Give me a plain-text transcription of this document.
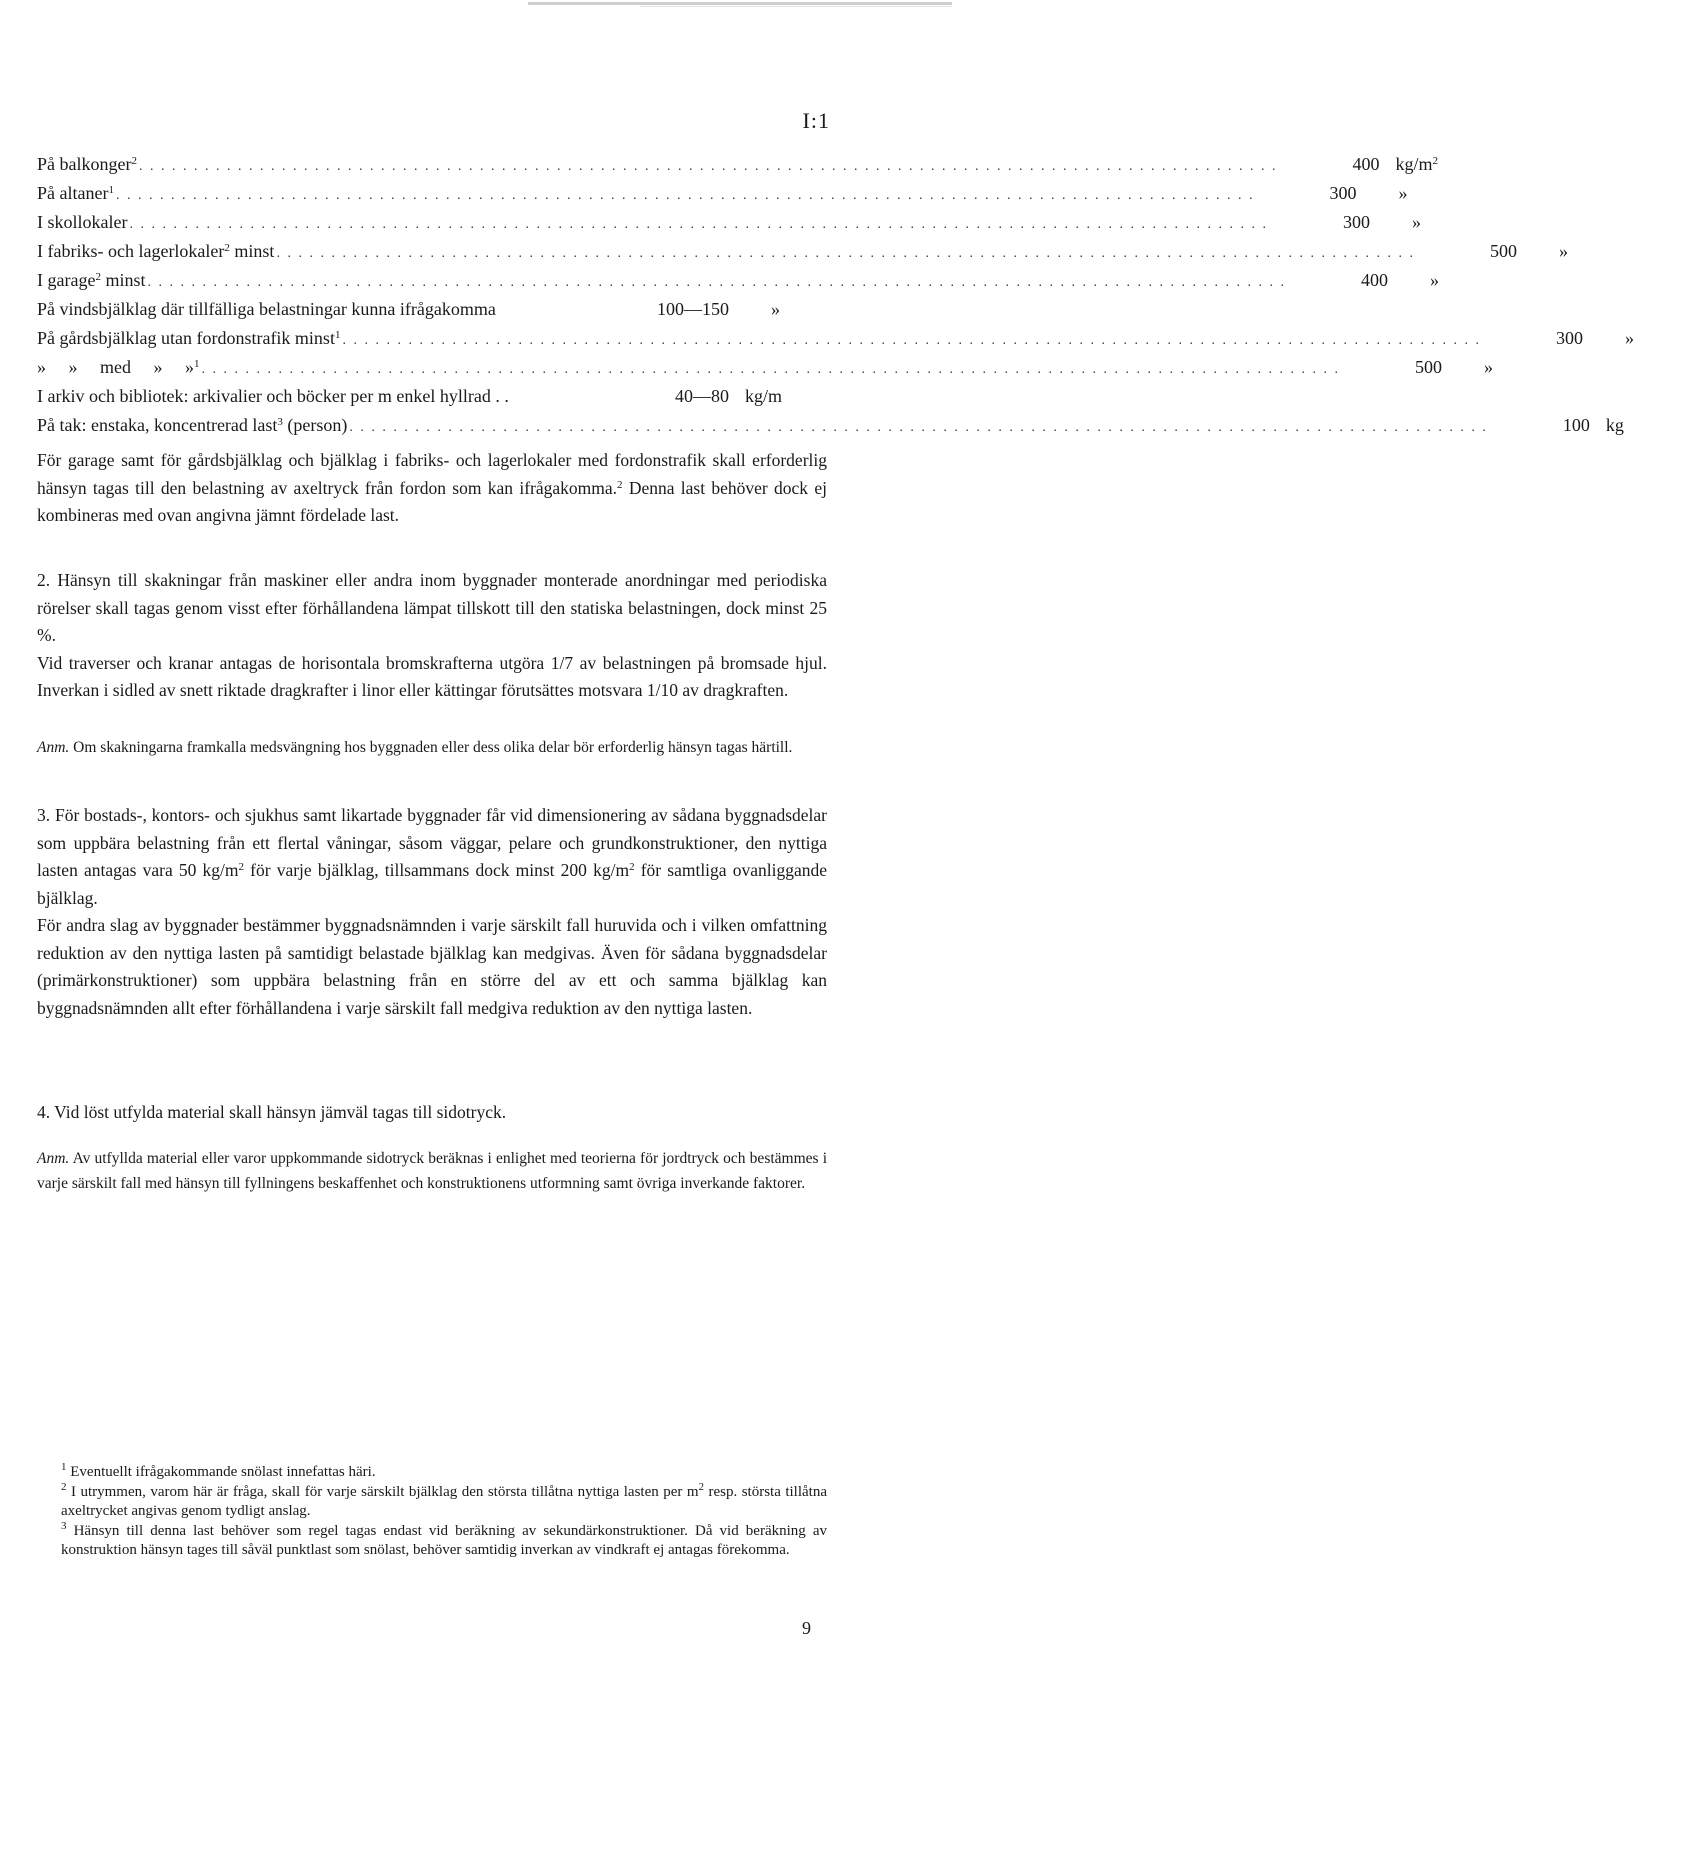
I:1
På balkonger$^2$ . . . . . . . . . . . . . . . . . . . . . . . . . . . . . . . . . . . . . . . . . . . . . . . . . . . . . . . . . . . . . . . . . . . . . . . . . . . . . . . . . . . . . . . . . . . . . . . . . . . . . . . .	400 $kg/m^2$
På altaner$^1$ . . . . . . . . . . . . . . . . . . . . . . . . . . . . . . . . . . . . . . . . . . . . . . . . . . . . . . . . . . . . . . . . . . . . . . . . . . . . . . . . . . . . . . . . . . . . . . . . . . . . . . . .	300	»
I skollokaler . . . . . . . . . . . . . . . . . . . . . . . . . . . . . . . . . . . . . . . . . . . . . . . . . . . . . . . . . . . . . . . . . . . . . . . . . . . . . . . . . . . . . . . . . . . . . . . . . . . . . . . .	300	»
I fabriks- och lagerlokaler$^2$ minst . . . . . . . . . . . . . . . . . . . . . . . . . . . . . . . . . . . . . . . . . . . . . . . . . . . . . . . . . . . . . . . . . . . . . . . . . . . . . . . . . . . . . . . . . . . . . . . . . . . . . . . .	500	»
I garage$^2$ minst . . . . . . . . . . . . . . . . . . . . . . . . . . . . . . . . . . . . . . . . . . . . . . . . . . . . . . . . . . . . . . . . . . . . . . . . . . . . . . . . . . . . . . . . . . . . . . . . . . . . . . . .	400	»
På vindsbjälklag där tillfälliga belastningar kunna ifrågakomma	100—150	»
På gårdsbjälklag utan fordonstrafik minst$^1$ . . . . . . . . . . . . . . . . . . . . . . . . . . . . . . . . . . . . . . . . . . . . . . . . . . . . . . . . . . . . . . . . . . . . . . . . . . . . . . . . . . . . . . . . . . . . . . . . . . . . . . . .	300	»
»     »     med     »     »$^1$ . . . . . . . . . . . . . . . . . . . . . . . . . . . . . . . . . . . . . . . . . . . . . . . . . . . . . . . . . . . . . . . . . . . . . . . . . . . . . . . . . . . . . . . . . . . . . . . . . . . . . . . .	500	»
I arkiv och bibliotek: arkivalier och böcker per m enkel hyllrad . .	40—80 kg/m
På tak: enstaka, koncentrerad last$^3$ (person) . . . . . . . . . . . . . . . . . . . . . . . . . . . . . . . . . . . . . . . . . . . . . . . . . . . . . . . . . . . . . . . . . . . . . . . . . . . . . . . . . . . . . . . . . . . . . . . . . . . . . . . .	100 kg

För garage samt för gårdsbjälklag och bjälklag i fabriks- och lagerlokaler med fordonstrafik skall erforderlig hänsyn tagas till den belastning av axeltryck från fordon som kan ifrågakomma.$^2$ Denna last behöver dock ej kombineras med ovan angivna jämnt fördelade last.

2. Hänsyn till skakningar från maskiner eller andra inom byggnader monterade anordningar med periodiska rörelser skall tagas genom visst efter förhållandena lämpat tillskott till den statiska belastningen, dock minst 25 %.

Vid traverser och kranar antagas de horisontala bromskrafterna utgöra 1/7 av belastningen på bromsade hjul. Inverkan i sidled av snett riktade dragkrafter i linor eller kättingar förutsättes motsvara 1/10 av dragkraften.

Anm. Om skakningarna framkalla medsvängning hos byggnaden eller dess olika delar bör erforderlig hänsyn tagas härtill.

3. För bostads-, kontors- och sjukhus samt likartade byggnader får vid dimensionering av sådana byggnadsdelar som uppbära belastning från ett flertal våningar, såsom väggar, pelare och grundkonstruktioner, den nyttiga lasten antagas vara 50 $kg/m^2$ för varje bjälklag, tillsammans dock minst 200 $kg/m^2$ för samtliga ovanliggande bjälklag.

För andra slag av byggnader bestämmer byggnadsnämnden i varje särskilt fall huruvida och i vilken omfattning reduktion av den nyttiga lasten på samtidigt belastade bjälklag kan medgivas. Även för sådana byggnadsdelar (primärkonstruktioner) som uppbära belastning från en större del av ett och samma bjälklag kan byggnadsnämnden allt efter förhållandena i varje särskilt fall medgiva reduktion av den nyttiga lasten.

4. Vid löst utfylda material skall hänsyn jämväl tagas till sidotryck.

Anm. Av utfyllda material eller varor uppkommande sidotryck beräknas i enlighet med teorierna för jordtryck och bestämmes i varje särskilt fall med hänsyn till fyllningens beskaffenhet och konstruktionens utformning samt övriga inverkande faktorer.

$^1$ Eventuellt ifrågakommande snölast innefattas häri.

$^2$ I utrymmen, varom här är fråga, skall för varje särskilt bjälklag den största tillåtna nyttiga lasten per $m^2$ resp. största tillåtna axeltrycket angivas genom tydligt anslag.

$^3$ Hänsyn till denna last behöver som regel tagas endast vid beräkning av sekundärkonstruktioner. Då vid beräkning av konstruktion hänsyn tages till såväl punktlast som snölast, behöver samtidig inverkan av vindkraft ej antagas förekomma.

9
